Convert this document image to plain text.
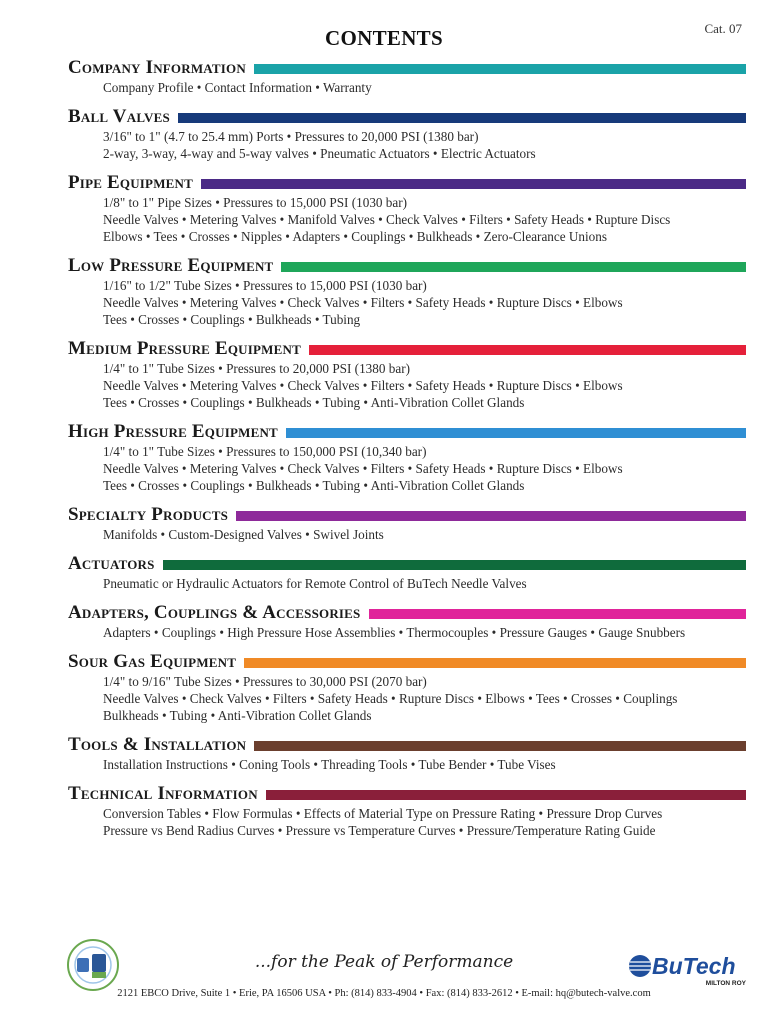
Cat. 07
CONTENTS
Company Information
Company Profile • Contact Information • Warranty
Ball Valves
3/16" to 1" (4.7 to 25.4 mm) Ports • Pressures to 20,000 PSI (1380 bar)
2-way, 3-way, 4-way and 5-way valves • Pneumatic Actuators • Electric Actuators
Pipe Equipment
1/8" to 1" Pipe Sizes • Pressures to 15,000 PSI (1030 bar)
Needle Valves • Metering Valves • Manifold Valves • Check Valves • Filters • Safety Heads • Rupture Discs
Elbows • Tees • Crosses • Nipples • Adapters • Couplings • Bulkheads • Zero-Clearance Unions
Low Pressure Equipment
1/16" to 1/2" Tube Sizes • Pressures to 15,000 PSI (1030 bar)
Needle Valves • Metering Valves • Check Valves • Filters • Safety Heads • Rupture Discs • Elbows
Tees • Crosses • Couplings • Bulkheads • Tubing
Medium Pressure Equipment
1/4" to 1" Tube Sizes • Pressures to 20,000 PSI (1380 bar)
Needle Valves • Metering Valves • Check Valves • Filters • Safety Heads • Rupture Discs • Elbows
Tees • Crosses • Couplings • Bulkheads • Tubing • Anti-Vibration Collet Glands
High Pressure Equipment
1/4" to 1" Tube Sizes • Pressures to 150,000 PSI (10,340 bar)
Needle Valves • Metering Valves • Check Valves • Filters • Safety Heads • Rupture Discs • Elbows
Tees • Crosses • Couplings • Bulkheads • Tubing • Anti-Vibration Collet Glands
Specialty Products
Manifolds • Custom-Designed Valves • Swivel Joints
Actuators
Pneumatic or Hydraulic Actuators for Remote Control of BuTech Needle Valves
Adapters, Couplings & Accessories
Adapters • Couplings • High Pressure Hose Assemblies • Thermocouples • Pressure Gauges • Gauge Snubbers
Sour Gas Equipment
1/4" to 9/16" Tube Sizes • Pressures to 30,000 PSI (2070 bar)
Needle Valves • Check Valves • Filters • Safety Heads • Rupture Discs • Elbows • Tees • Crosses • Couplings
Bulkheads • Tubing • Anti-Vibration Collet Glands
Tools & Installation
Installation Instructions • Coning Tools • Threading Tools • Tube Bender • Tube Vises
Technical Information
Conversion Tables • Flow Formulas • Effects of Material Type on Pressure Rating • Pressure Drop Curves
Pressure vs Bend Radius Curves • Pressure vs Temperature Curves • Pressure/Temperature Rating Guide
...for the Peak of Performance	BuTech
MILTON ROY
2121 EBCO Drive, Suite 1 • Erie, PA 16506 USA • Ph: (814) 833-4904 • Fax: (814) 833-2612 • E-mail: hq@butech-valve.com
